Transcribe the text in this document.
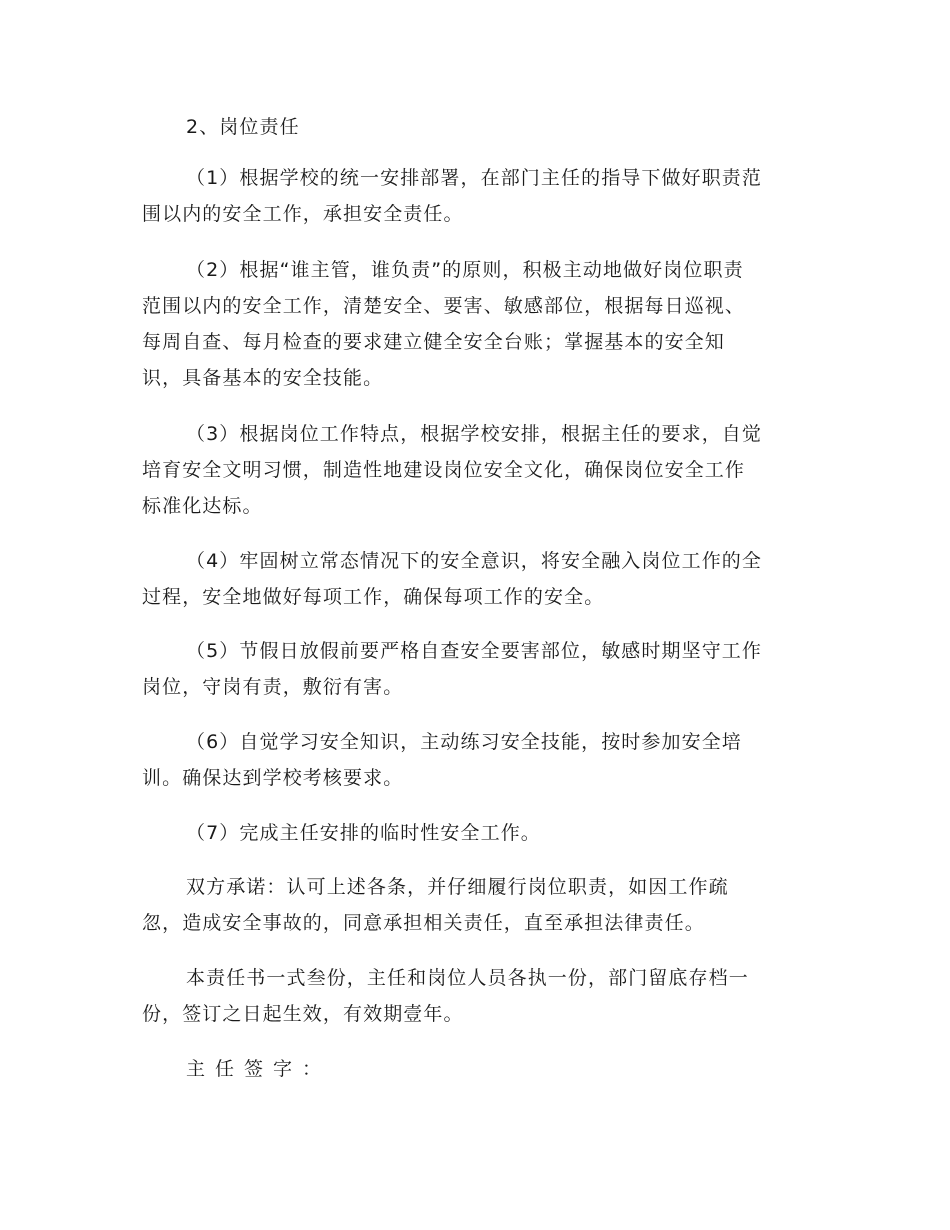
2、岗位责任
（1）根据学校的统一安排部署，在部门主任的指导下做好职责范
围以内的安全工作，承担安全责任。
（2）根据“谁主管，谁负责”的原则，积极主动地做好岗位职责
范围以内的安全工作，清楚安全、要害、敏感部位，根据每日巡视、
每周自查、每月检查的要求建立健全安全台账；掌握基本的安全知
识，具备基本的安全技能。
（3）根据岗位工作特点，根据学校安排，根据主任的要求，自觉
培育安全文明习惯，制造性地建设岗位安全文化，确保岗位安全工作
标准化达标。
（4）牢固树立常态情况下的安全意识，将安全融入岗位工作的全
过程，安全地做好每项工作，确保每项工作的安全。
（5）节假日放假前要严格自查安全要害部位，敏感时期坚守工作
岗位，守岗有责，敷衍有害。
（6）自觉学习安全知识，主动练习安全技能，按时参加安全培
训。确保达到学校考核要求。
（7）完成主任安排的临时性安全工作。
双方承诺：认可上述各条，并仔细履行岗位职责，如因工作疏
忽，造成安全事故的，同意承担相关责任，直至承担法律责任。
本责任书一式叁份，主任和岗位人员各执一份，部门留底存档一
份，签订之日起生效，有效期壹年。
主任签字：
